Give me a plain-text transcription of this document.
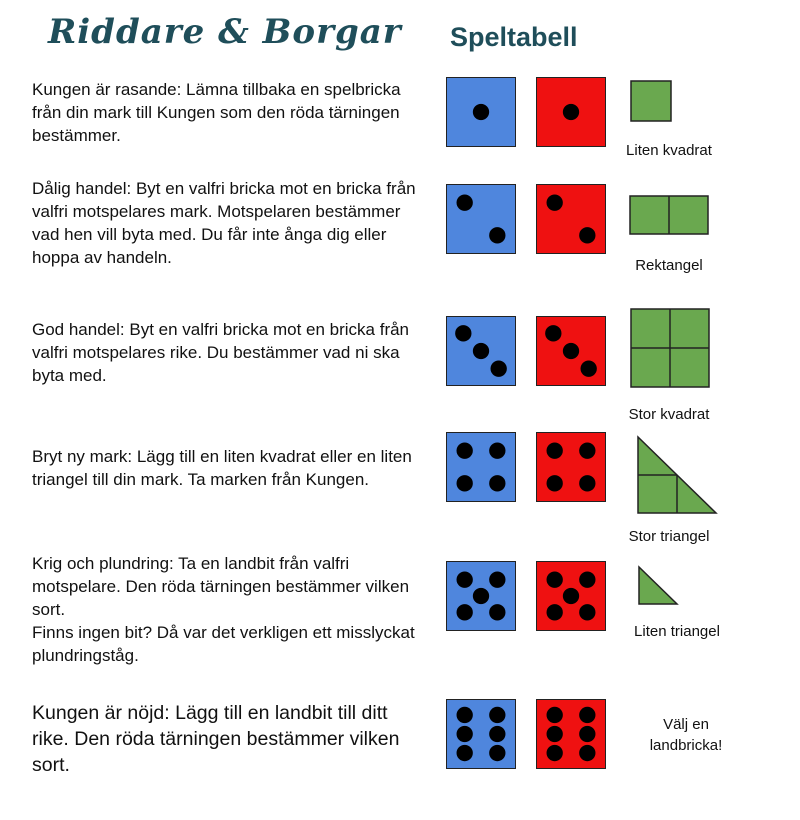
Riddare & Borgar Speltabell
Kungen är rasande: Lämna tillbaka en spelbricka från din mark till Kungen som den röda tärningen bestämmer.
Liten kvadrat
Dålig handel: Byt en valfri bricka mot en bricka från valfri motspelares mark. Motspelaren bestämmer vad hen vill byta med. Du får inte ånga dig eller hoppa av handeln.	Rektangel
God handel: Byt en valfri bricka mot en bricka från valfri motspelares rike. Du bestämmer vad ni ska byta med.
Stor kvadrat
Bryt ny mark: Lägg till en liten kvadrat eller en liten triangel till din mark. Ta marken från Kungen.
Stor triangel
Krig och plundring: Ta en landbit från valfri motspelare. Den röda tärningen bestämmer vilken sort.
Finns ingen bit? Då var det verkligen ett misslyckat plundringståg.
Liten triangel
Kungen är nöjd: Lägg till en landbit till ditt rike. Den röda tärningen bestämmer vilken sort.
Välj en
landbricka!
